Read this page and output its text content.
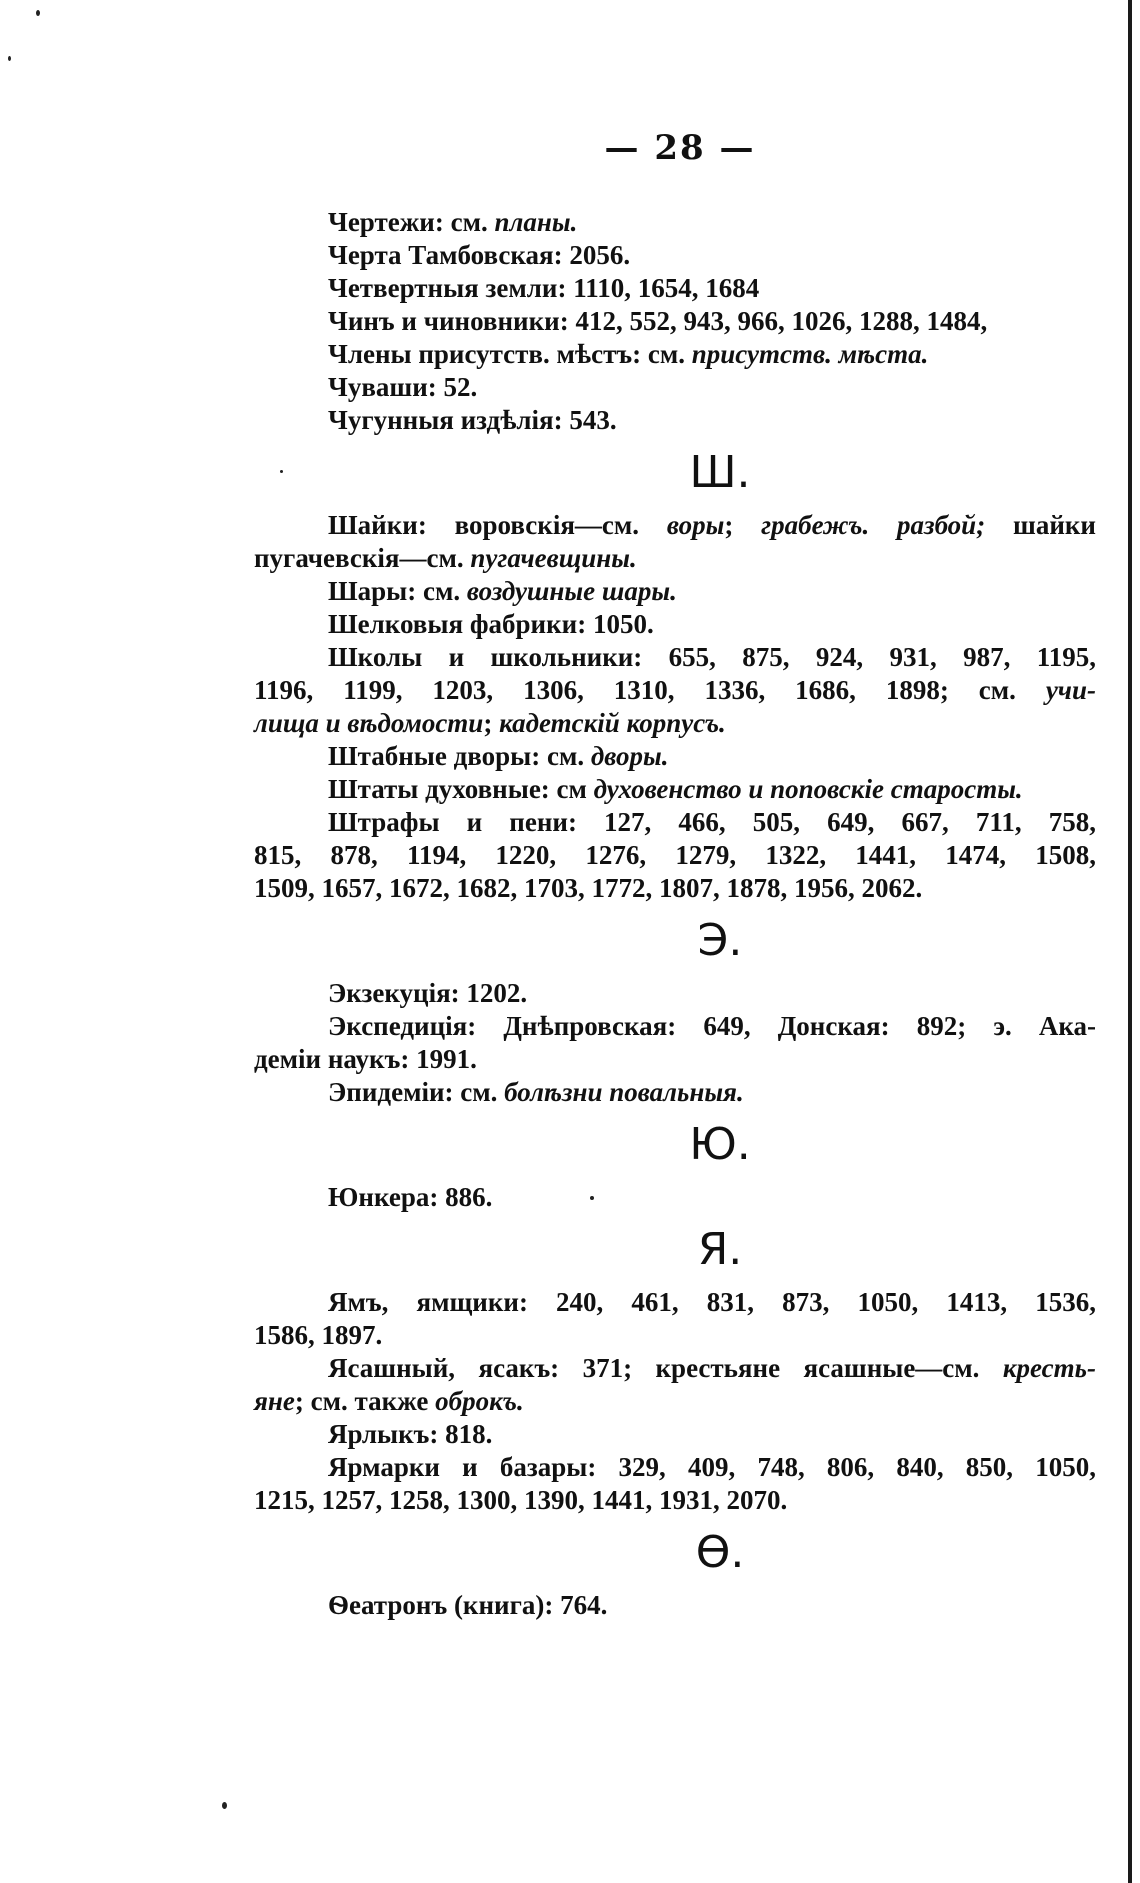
— 28 —
Чертежи: см. планы.
Черта Тамбовская: 2056.
Четвертныя земли: 1110, 1654, 1684
Чинъ и чиновники: 412, 552, 943, 966, 1026, 1288, 1484,
Члены присутств. мѣстъ: см. присутств. мѣста.
Чуваши: 52.
Чугунныя издѣлія: 543.
Ш.
Шайки: воровскія—см. воры; грабежъ. разбой; шайки
пугачевскія—см. пугачевщины.
Шары: см. воздушные шары.
Шелковыя фабрики: 1050.
Школы и школьники: 655, 875, 924, 931, 987, 1195,
1196, 1199, 1203, 1306, 1310, 1336, 1686, 1898; см. учи-
лища и вѣдомости; кадетскій корпусъ.
Штабные дворы: см. дворы.
Штаты духовные: см духовенство и поповскіе старосты.
Штрафы и пени: 127, 466, 505, 649, 667, 711, 758,
815, 878, 1194, 1220, 1276, 1279, 1322, 1441, 1474, 1508,
1509, 1657, 1672, 1682, 1703, 1772, 1807, 1878, 1956, 2062.
Э.
Экзекуція: 1202.
Экспедиція: Днѣпровская: 649, Донская: 892; э. Ака-
деміи наукъ: 1991.
Эпидеміи: см. болѣзни повальныя.
Ю.
Юнкера: 886.
Я.
Ямъ, ямщики: 240, 461, 831, 873, 1050, 1413, 1536,
1586, 1897.
Ясашный, ясакъ: 371; крестьяне ясашные—см. кресть-
яне; см. также оброкъ.
Ярлыкъ: 818.
Ярмарки и базары: 329, 409, 748, 806, 840, 850, 1050,
1215, 1257, 1258, 1300, 1390, 1441, 1931, 2070.
Ѳ.
Ѳеатронъ (книга): 764.
